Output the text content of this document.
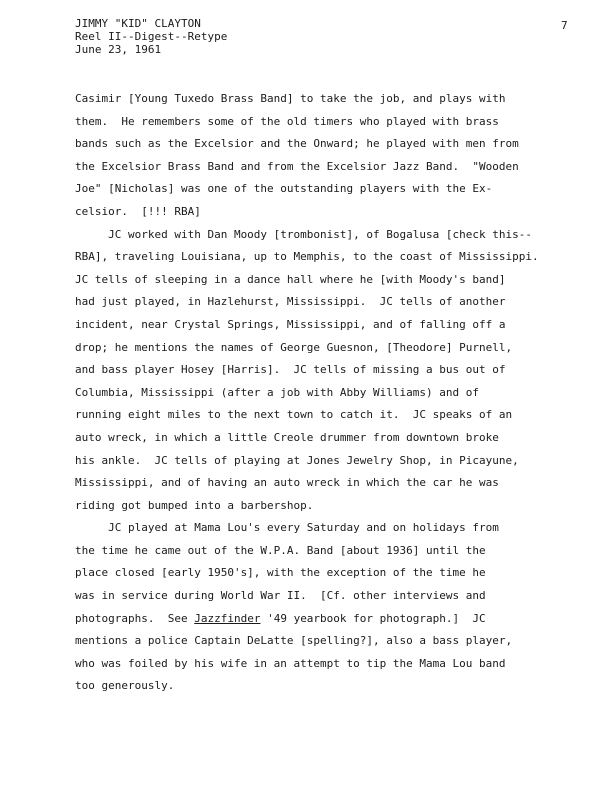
JIMMY "KID" CLAYTON
Reel II--Digest--Retype
June 23, 1961
7
Casimir [Young Tuxedo Brass Band] to take the job, and plays with
them.  He remembers some of the old timers who played with brass
bands such as the Excelsior and the Onward; he played with men from
the Excelsior Brass Band and from the Excelsior Jazz Band.  "Wooden
Joe" [Nicholas] was one of the outstanding players with the Ex-
celsior.  [!!! RBA]
JC worked with Dan Moody [trombonist], of Bogalusa [check this--
RBA], traveling Louisiana, up to Memphis, to the coast of Mississippi.
JC tells of sleeping in a dance hall where he [with Moody's band]
had just played, in Hazlehurst, Mississippi.  JC tells of another
incident, near Crystal Springs, Mississippi, and of falling off a
drop; he mentions the names of George Guesnon, [Theodore] Purnell,
and bass player Hosey [Harris].  JC tells of missing a bus out of
Columbia, Mississippi (after a job with Abby Williams) and of
running eight miles to the next town to catch it.  JC speaks of an
auto wreck, in which a little Creole drummer from downtown broke
his ankle.  JC tells of playing at Jones Jewelry Shop, in Picayune,
Mississippi, and of having an auto wreck in which the car he was
riding got bumped into a barbershop.
JC played at Mama Lou's every Saturday and on holidays from
the time he came out of the W.P.A. Band [about 1936] until the
place closed [early 1950's], with the exception of the time he
was in service during World War II.  [Cf. other interviews and
photographs.  See Jazzfinder '49 yearbook for photograph.]  JC
mentions a police Captain DeLatte [spelling?], also a bass player,
who was foiled by his wife in an attempt to tip the Mama Lou band
too generously.
